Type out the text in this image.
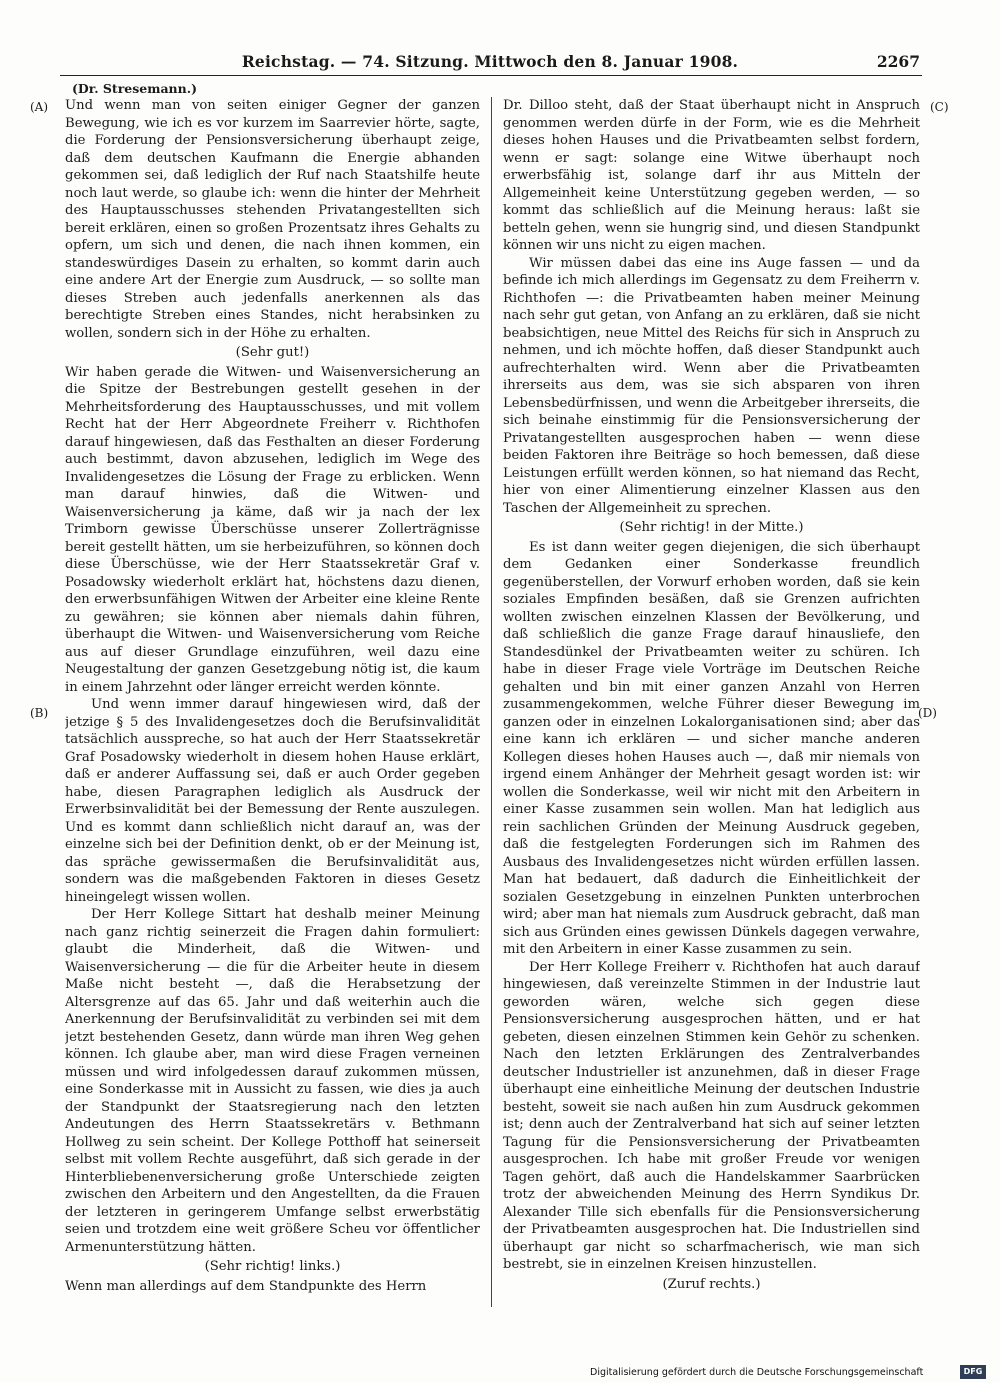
Reichstag. — 74. Sitzung. Mittwoch den 8. Januar 1908.	2267
(Dr. Stresemann.)
(A)
(B)
(C)
(D)

Und wenn man von seiten einiger Gegner der ganzen Bewegung, wie ich es vor kurzem im Saarrevier hörte, sagte, die Forderung der Pensionsversicherung überhaupt zeige, daß dem deutschen Kaufmann die Energie abhanden gekommen sei, daß lediglich der Ruf nach Staatshilfe heute noch laut werde, so glaube ich: wenn die hinter der Mehrheit des Hauptausschusses stehenden Privatangestellten sich bereit erklären, einen so großen Prozentsatz ihres Gehalts zu opfern, um sich und denen, die nach ihnen kommen, ein standeswürdiges Dasein zu erhalten, so kommt darin auch eine andere Art der Energie zum Ausdruck, — so sollte man dieses Streben auch jedenfalls anerkennen als das berechtigte Streben eines Standes, nicht herabsinken zu wollen, sondern sich in der Höhe zu erhalten.

(Sehr gut!)

Wir haben gerade die Witwen- und Waisenversicherung an die Spitze der Bestrebungen gestellt gesehen in der Mehrheitsforderung des Hauptausschusses, und mit vollem Recht hat der Herr Abgeordnete Freiherr v. Richthofen darauf hingewiesen, daß das Festhalten an dieser Forderung auch bestimmt, davon abzusehen, lediglich im Wege des Invalidengesetzes die Lösung der Frage zu erblicken. Wenn man darauf hinwies, daß die Witwen- und Waisenversicherung ja käme, daß wir ja nach der lex Trimborn gewisse Überschüsse unserer Zollerträgnisse bereit gestellt hätten, um sie herbeizuführen, so können doch diese Überschüsse, wie der Herr Staatssekretär Graf v. Posadowsky wiederholt erklärt hat, höchstens dazu dienen, den erwerbsunfähigen Witwen der Arbeiter eine kleine Rente zu gewähren; sie können aber niemals dahin führen, überhaupt die Witwen- und Waisenversicherung vom Reiche aus auf dieser Grundlage einzuführen, weil dazu eine Neugestaltung der ganzen Gesetzgebung nötig ist, die kaum in einem Jahrzehnt oder länger erreicht werden könnte.

Und wenn immer darauf hingewiesen wird, daß der jetzige § 5 des Invalidengesetzes doch die Berufsinvalidität tatsächlich ausspreche, so hat auch der Herr Staatssekretär Graf Posadowsky wiederholt in diesem hohen Hause erklärt, daß er anderer Auffassung sei, daß er auch Order gegeben habe, diesen Paragraphen lediglich als Ausdruck der Erwerbsinvalidität bei der Bemessung der Rente auszulegen. Und es kommt dann schließlich nicht darauf an, was der einzelne sich bei der Definition denkt, ob er der Meinung ist, das spräche gewissermaßen die Berufsinvalidität aus, sondern was die maßgebenden Faktoren in dieses Gesetz hineingelegt wissen wollen.

Der Herr Kollege Sittart hat deshalb meiner Meinung nach ganz richtig seinerzeit die Fragen dahin formuliert: glaubt die Minderheit, daß die Witwen- und Waisenversicherung — die für die Arbeiter heute in diesem Maße nicht besteht —, daß die Herabsetzung der Altersgrenze auf das 65. Jahr und daß weiterhin auch die Anerkennung der Berufsinvalidität zu verbinden sei mit dem jetzt bestehenden Gesetz, dann würde man ihren Weg gehen können. Ich glaube aber, man wird diese Fragen verneinen müssen und wird infolgedessen darauf zukommen müssen, eine Sonderkasse mit in Aussicht zu fassen, wie dies ja auch der Standpunkt der Staatsregierung nach den letzten Andeutungen des Herrn Staatssekretärs v. Bethmann Hollweg zu sein scheint. Der Kollege Potthoff hat seinerseit selbst mit vollem Rechte ausgeführt, daß sich gerade in der Hinterbliebenenversicherung große Unterschiede zeigten zwischen den Arbeitern und den Angestellten, da die Frauen der letzteren in geringerem Umfange selbst erwerbstätig seien und trotzdem eine weit größere Scheu vor öffentlicher Armenunterstützung hätten.

(Sehr richtig! links.)

Wenn man allerdings auf dem Standpunkte des Herrn

Dr. Dilloo steht, daß der Staat überhaupt nicht in Anspruch genommen werden dürfe in der Form, wie es die Mehrheit dieses hohen Hauses und die Privatbeamten selbst fordern, wenn er sagt: solange eine Witwe überhaupt noch erwerbsfähig ist, solange darf ihr aus Mitteln der Allgemeinheit keine Unterstützung gegeben werden, — so kommt das schließlich auf die Meinung heraus: laßt sie betteln gehen, wenn sie hungrig sind, und diesen Standpunkt können wir uns nicht zu eigen machen.

Wir müssen dabei das eine ins Auge fassen — und da befinde ich mich allerdings im Gegensatz zu dem Freiherrn v. Richthofen —: die Privatbeamten haben meiner Meinung nach sehr gut getan, von Anfang an zu erklären, daß sie nicht beabsichtigen, neue Mittel des Reichs für sich in Anspruch zu nehmen, und ich möchte hoffen, daß dieser Standpunkt auch aufrechterhalten wird. Wenn aber die Privatbeamten ihrerseits aus dem, was sie sich absparen von ihren Lebensbedürfnissen, und wenn die Arbeitgeber ihrerseits, die sich beinahe einstimmig für die Pensionsversicherung der Privatangestellten ausgesprochen haben — wenn diese beiden Faktoren ihre Beiträge so hoch bemessen, daß diese Leistungen erfüllt werden können, so hat niemand das Recht, hier von einer Alimentierung einzelner Klassen aus den Taschen der Allgemeinheit zu sprechen.

(Sehr richtig! in der Mitte.)

Es ist dann weiter gegen diejenigen, die sich überhaupt dem Gedanken einer Sonderkasse freundlich gegenüberstellen, der Vorwurf erhoben worden, daß sie kein soziales Empfinden besäßen, daß sie Grenzen aufrichten wollten zwischen einzelnen Klassen der Bevölkerung, und daß schließlich die ganze Frage darauf hinausliefe, den Standesdünkel der Privatbeamten weiter zu schüren. Ich habe in dieser Frage viele Vorträge im Deutschen Reiche gehalten und bin mit einer ganzen Anzahl von Herren zusammengekommen, welche Führer dieser Bewegung im ganzen oder in einzelnen Lokalorganisationen sind; aber das eine kann ich erklären — und sicher manche anderen Kollegen dieses hohen Hauses auch —, daß mir niemals von irgend einem Anhänger der Mehrheit gesagt worden ist: wir wollen die Sonderkasse, weil wir nicht mit den Arbeitern in einer Kasse zusammen sein wollen. Man hat lediglich aus rein sachlichen Gründen der Meinung Ausdruck gegeben, daß die festgelegten Forderungen sich im Rahmen des Ausbaus des Invalidengesetzes nicht würden erfüllen lassen. Man hat bedauert, daß dadurch die Einheitlichkeit der sozialen Gesetzgebung in einzelnen Punkten unterbrochen wird; aber man hat niemals zum Ausdruck gebracht, daß man sich aus Gründen eines gewissen Dünkels dagegen verwahre, mit den Arbeitern in einer Kasse zusammen zu sein.

Der Herr Kollege Freiherr v. Richthofen hat auch darauf hingewiesen, daß vereinzelte Stimmen in der Industrie laut geworden wären, welche sich gegen diese Pensionsversicherung ausgesprochen hätten, und er hat gebeten, diesen einzelnen Stimmen kein Gehör zu schenken. Nach den letzten Erklärungen des Zentralverbandes deutscher Industrieller ist anzunehmen, daß in dieser Frage überhaupt eine einheitliche Meinung der deutschen Industrie besteht, soweit sie nach außen hin zum Ausdruck gekommen ist; denn auch der Zentralverband hat sich auf seiner letzten Tagung für die Pensionsversicherung der Privatbeamten ausgesprochen. Ich habe mit großer Freude vor wenigen Tagen gehört, daß auch die Handelskammer Saarbrücken trotz der abweichenden Meinung des Herrn Syndikus Dr. Alexander Tille sich ebenfalls für die Pensionsversicherung der Privatbeamten ausgesprochen hat. Die Industriellen sind überhaupt gar nicht so scharfmacherisch, wie man sich bestrebt, sie in einzelnen Kreisen hinzustellen.

(Zuruf rechts.)

Digitalisierung gefördert durch die Deutsche Forschungsgemeinschaft	DFG
